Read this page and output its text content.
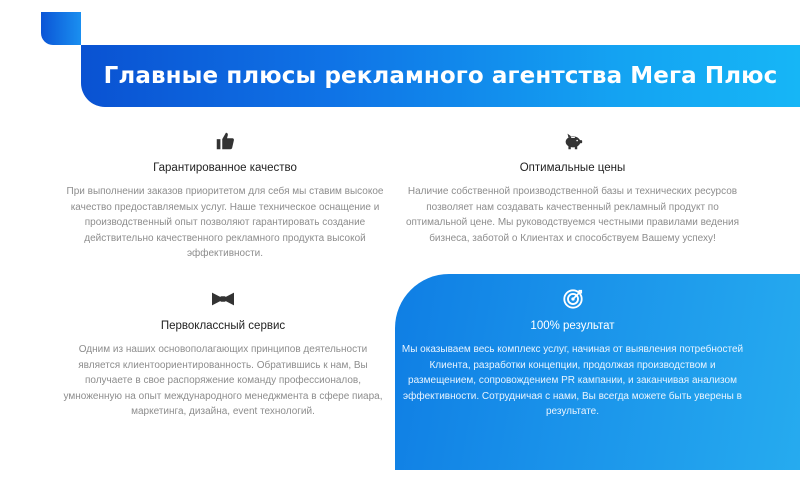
Главные плюсы рекламного агентства Мега Плюс
Гарантированное качество

При выполнении заказов приоритетом для себя мы ставим высокое качество предоставляемых услуг. Наше техническое оснащение и производственный опыт позволяют гарантировать создание действительно качественного рекламного продукта высокой эффективности.

Оптимальные цены

Наличие собственной производственной базы и технических ресурсов позволяет нам создавать качественный рекламный продукт по оптимальной цене. Мы руководствуемся честными правилами ведения бизнеса, заботой о Клиентах и способствуем Вашему успеху!

Первоклассный сервис

Одним из наших основополагающих принципов деятельности является клиентоориентированность. Обратившись к нам, Вы получаете в свое распоряжение команду профессионалов, умноженную на опыт международного менеджмента в сфере пиара, маркетинга, дизайна, event технологий.

100% результат

Мы оказываем весь комплекс услуг, начиная от выявления потребностей Клиента, разработки концепции, продолжая производством и размещением, сопровождением PR кампании, и заканчивая анализом эффективности. Сотрудничая с нами, Вы всегда можете быть уверены в результате.
